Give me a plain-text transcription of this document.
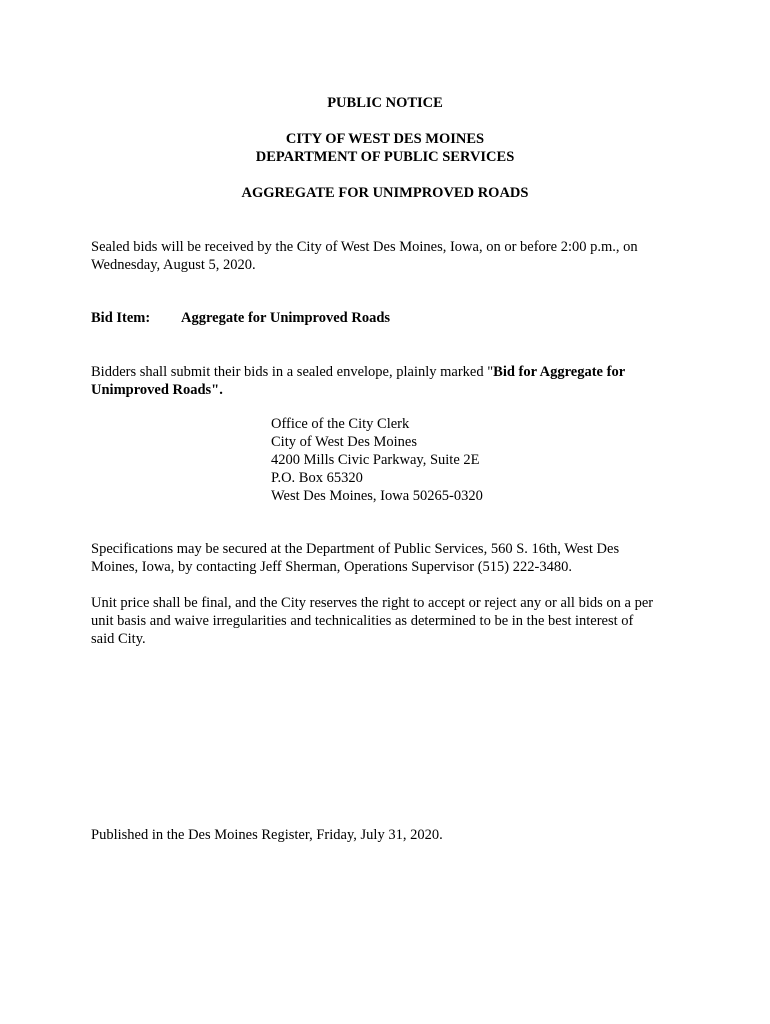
PUBLIC NOTICE
CITY OF WEST DES MOINES
DEPARTMENT OF PUBLIC SERVICES
AGGREGATE FOR UNIMPROVED ROADS
Sealed bids will be received by the City of West Des Moines, Iowa, on or before 2:00 p.m., on
Wednesday, August 5, 2020.
Bid Item: Aggregate for Unimproved Roads
Bidders shall submit their bids in a sealed envelope, plainly marked "Bid for Aggregate for
Unimproved Roads".
Office of the City Clerk
City of West Des Moines
4200 Mills Civic Parkway, Suite 2E
P.O. Box 65320
West Des Moines, Iowa 50265-0320
Specifications may be secured at the Department of Public Services, 560 S. 16th, West Des
Moines, Iowa, by contacting Jeff Sherman, Operations Supervisor (515) 222-3480.
Unit price shall be final, and the City reserves the right to accept or reject any or all bids on a per
unit basis and waive irregularities and technicalities as determined to be in the best interest of
said City.
Published in the Des Moines Register, Friday, July 31, 2020.
